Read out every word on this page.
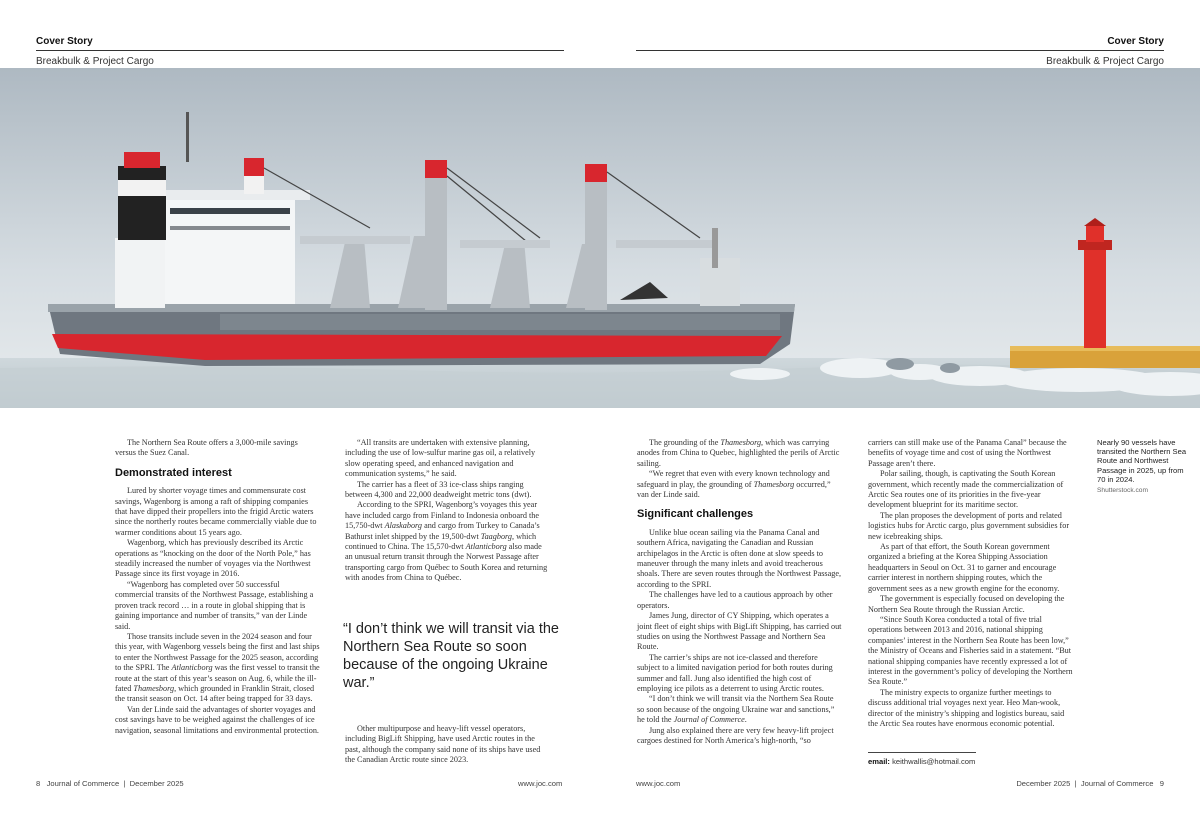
Cover Story
Breakbulk & Project Cargo
Cover Story
Breakbulk & Project Cargo

The Northern Sea Route offers a 3,000-mile savings versus the Suez Canal.

Demonstrated interest

Lured by shorter voyage times and commensurate cost savings, Wagenborg is among a raft of shipping companies that have dipped their propellers into the frigid Arctic waters since the northerly routes became commercially viable due to warmer conditions about 15 years ago.

Wagenborg, which has previously described its Arctic operations as “knocking on the door of the North Pole,” has steadily increased the number of voyages via the Northwest Passage since its first voyage in 2016.

“Wagenborg has completed over 50 successful commercial transits of the Northwest Passage, establishing a proven track record … in a route in global shipping that is gaining importance and number of transits,” van der Linde said.

Those transits include seven in the 2024 season and four this year, with Wagenborg vessels being the first and last ships to enter the Northwest Passage for the 2025 season, according to the SPRI. The Atlanticborg was the first vessel to transit the route at the start of this year’s season on Aug. 6, while the ill-fated Thamesborg, which grounded in Franklin Strait, closed the transit season on Oct. 14 after being trapped for 33 days.

Van der Linde said the advantages of shorter voyages and cost savings have to be weighed against the challenges of ice navigation, seasonal limitations and environmental protection.

“All transits are undertaken with extensive planning, including the use of low-sulfur marine gas oil, a relatively slow operating speed, and enhanced navigation and communication systems,” he said.

The carrier has a fleet of 33 ice-class ships ranging between 4,300 and 22,000 deadweight metric tons (dwt).

According to the SPRI, Wagenborg’s voyages this year have included cargo from Finland to Indonesia onboard the 15,750-dwt Alaskaborg and cargo from Turkey to Canada’s Bathurst inlet shipped by the 19,500-dwt Taagborg, which continued to China. The 15,570-dwt Atlanticborg also made an unusual return transit through the Norwest Passage after transporting cargo from Québec to South Korea and returning with anodes from China to Québec.

“I don’t think we will transit via the Northern Sea Route so soon because of the ongoing Ukraine war.”

Other multipurpose and heavy-lift vessel operators, including BigLift Shipping, have used Arctic routes in the past, although the company said none of its ships have used the Canadian Arctic route since 2023.

The grounding of the Thamesborg, which was carrying anodes from China to Quebec, highlighted the perils of Arctic sailing.

“We regret that even with every known technology and safeguard in play, the grounding of Thamesborg occurred,” van der Linde said.

Significant challenges

Unlike blue ocean sailing via the Panama Canal and southern Africa, navigating the Canadian and Russian archipelagos in the Arctic is often done at slow speeds to maneuver through the many inlets and avoid treacherous shoals. There are seven routes through the Northwest Passage, according to the SPRI.

The challenges have led to a cautious approach by other operators.

James Jung, director of CY Shipping, which operates a joint fleet of eight ships with BigLift Shipping, has carried out studies on using the Northwest Passage and Northern Sea Route.

The carrier’s ships are not ice-classed and therefore subject to a limited navigation period for both routes during summer and fall. Jung also identified the high cost of employing ice pilots as a deterrent to using Arctic routes.

“I don’t think we will transit via the Northern Sea Route so soon because of the ongoing Ukraine war and sanctions,” he told the Journal of Commerce.

Jung also explained there are very few heavy-lift project cargoes destined for North America’s high-north, “so

carriers can still make use of the Panama Canal” because the benefits of voyage time and cost of using the Northwest Passage aren’t there.

Polar sailing, though, is captivating the South Korean government, which recently made the commercialization of Arctic Sea routes one of its priorities in the five-year development blueprint for its maritime sector.

The plan proposes the development of ports and related logistics hubs for Arctic cargo, plus government subsidies for new icebreaking ships.

As part of that effort, the South Korean government organized a briefing at the Korea Shipping Association headquarters in Seoul on Oct. 31 to garner and encourage carrier interest in northern shipping routes, which the government sees as a new growth engine for the economy.

The government is especially focused on developing the Northern Sea Route through the Russian Arctic.

“Since South Korea conducted a total of five trial operations between 2013 and 2016, national shipping companies’ interest in the Northern Sea Route has been low,” the Ministry of Oceans and Fisheries said in a statement. “But national shipping companies have recently expressed a lot of interest in the government’s policy of developing the Northern Sea Route.”

The ministry expects to organize further meetings to discuss additional trial voyages next year. Heo Man-wook, director of the ministry’s shipping and logistics bureau, said the Arctic Sea routes have enormous economic potential.

Nearly 90 vessels have transited the Northern Sea Route and Northwest Passage in 2025, up from 70 in 2024.
Shutterstock.com
email: keithwallis@hotmail.com
8 Journal of Commerce | December 2025	www.joc.com	www.joc.com	December 2025 | Journal of Commerce 9
